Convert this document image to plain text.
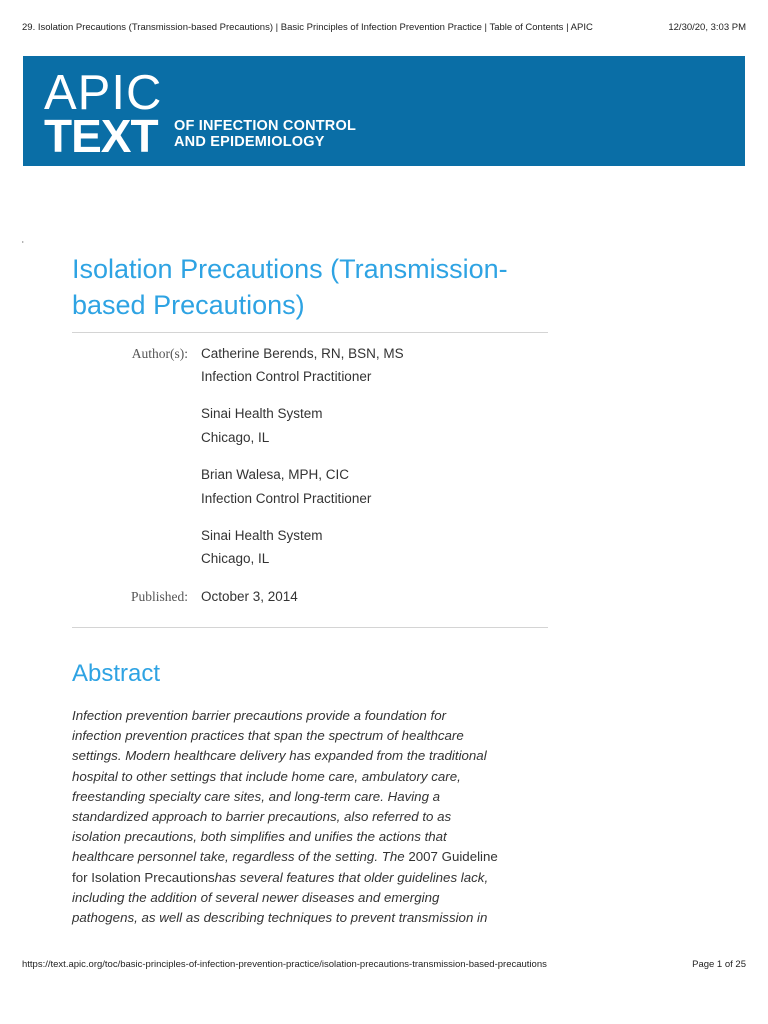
29. Isolation Precautions (Transmission-based Precautions) | Basic Principles of Infection Prevention Practice | Table of Contents | APIC	12/30/20, 3:03 PM
APIC
TEXT OF INFECTION CONTROL
AND EPIDEMIOLOGY
▸
Isolation Precautions (Transmission-based Precautions)
Author(s): Catherine Berends, RN, BSN, MS
Infection Control Practitioner
Sinai Health System
Chicago, IL
Brian Walesa, MPH, CIC
Infection Control Practitioner
Sinai Health System
Chicago, IL
Published: October 3, 2014
Abstract
Infection prevention barrier precautions provide a foundation for
infection prevention practices that span the spectrum of healthcare
settings. Modern healthcare delivery has expanded from the traditional
hospital to other settings that include home care, ambulatory care,
freestanding specialty care sites, and long-term care. Having a
standardized approach to barrier precautions, also referred to as
isolation precautions, both simplifies and unifies the actions that
healthcare personnel take, regardless of the setting. The 2007 Guideline
for Isolation Precautionshas several features that older guidelines lack,
including the addition of several newer diseases and emerging
pathogens, as well as describing techniques to prevent transmission in
https://text.apic.org/toc/basic-principles-of-infection-prevention-practice/isolation-precautions-transmission-based-precautions	Page 1 of 25
